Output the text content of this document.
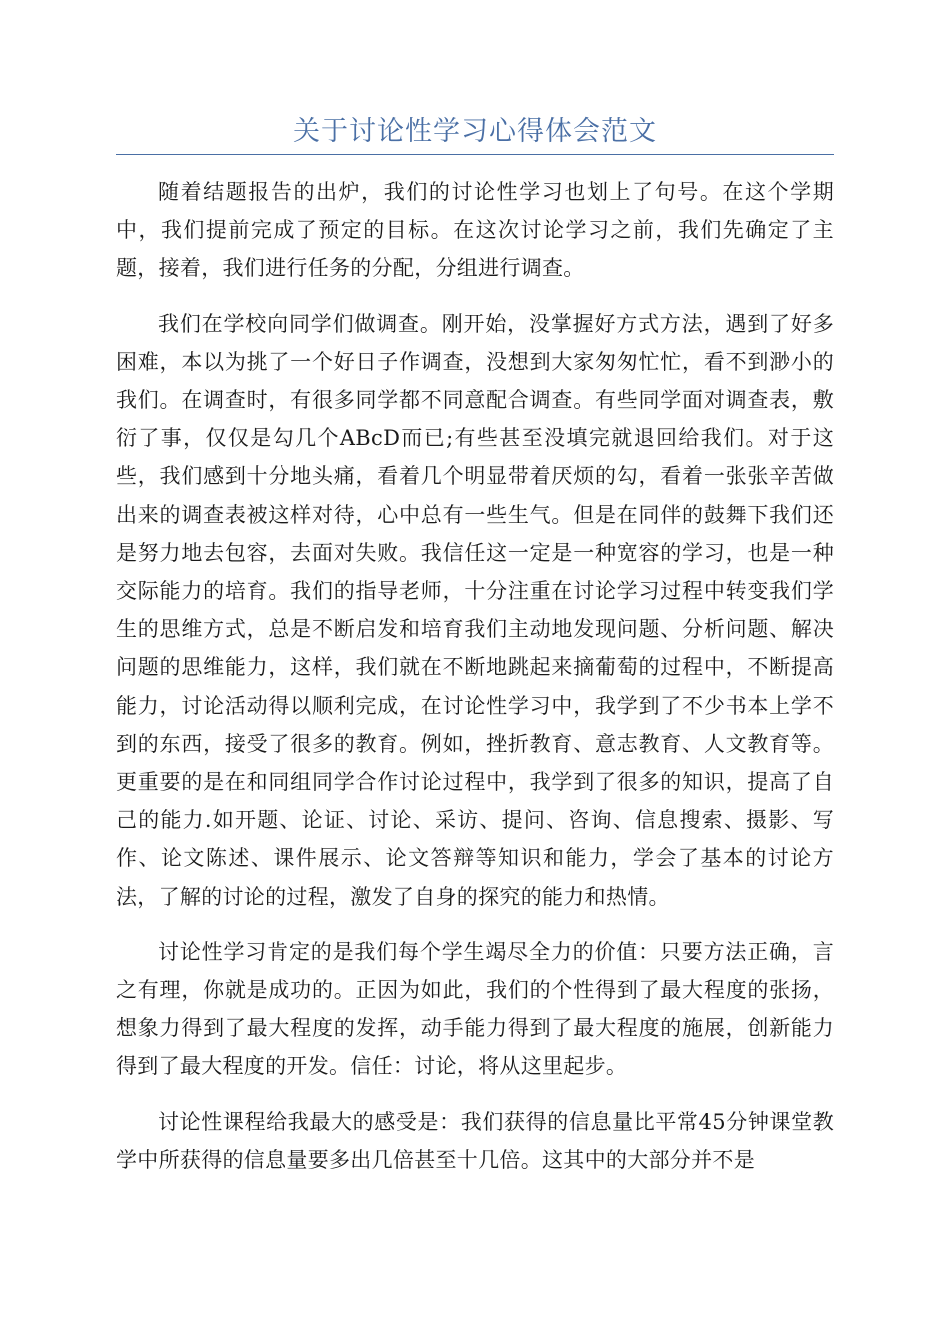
关于讨论性学习心得体会范文

随着结题报告的出炉，我们的讨论性学习也划上了句号。在这个学期中，我们提前完成了预定的目标。在这次讨论学习之前，我们先确定了主题，接着，我们进行任务的分配，分组进行调查。

我们在学校向同学们做调查。刚开始，没掌握好方式方法，遇到了好多困难，本以为挑了一个好日子作调查，没想到大家匆匆忙忙，看不到渺小的我们。在调查时，有很多同学都不同意配合调查。有些同学面对调查表，敷衍了事，仅仅是勾几个ABcD而已;有些甚至没填完就退回给我们。对于这些，我们感到十分地头痛，看着几个明显带着厌烦的勾，看着一张张辛苦做出来的调查表被这样对待，心中总有一些生气。但是在同伴的鼓舞下我们还是努力地去包容，去面对失败。我信任这一定是一种宽容的学习，也是一种交际能力的培育。我们的指导老师，十分注重在讨论学习过程中转变我们学生的思维方式，总是不断启发和培育我们主动地发现问题、分析问题、解决问题的思维能力，这样，我们就在不断地跳起来摘葡萄的过程中，不断提高能力，讨论活动得以顺利完成，在讨论性学习中，我学到了不少书本上学不到的东西，接受了很多的教育。例如，挫折教育、意志教育、人文教育等。更重要的是在和同组同学合作讨论过程中，我学到了很多的知识，提高了自己的能力.如开题、论证、讨论、采访、提问、咨询、信息搜索、摄影、写作、论文陈述、课件展示、论文答辩等知识和能力，学会了基本的讨论方法，了解的讨论的过程，激发了自身的探究的能力和热情。

讨论性学习肯定的是我们每个学生竭尽全力的价值：只要方法正确，言之有理，你就是成功的。正因为如此，我们的个性得到了最大程度的张扬，想象力得到了最大程度的发挥，动手能力得到了最大程度的施展，创新能力得到了最大程度的开发。信任：讨论，将从这里起步。

讨论性课程给我最大的感受是：我们获得的信息量比平常45分钟课堂教学中所获得的信息量要多出几倍甚至十几倍。这其中的大部分并不是
